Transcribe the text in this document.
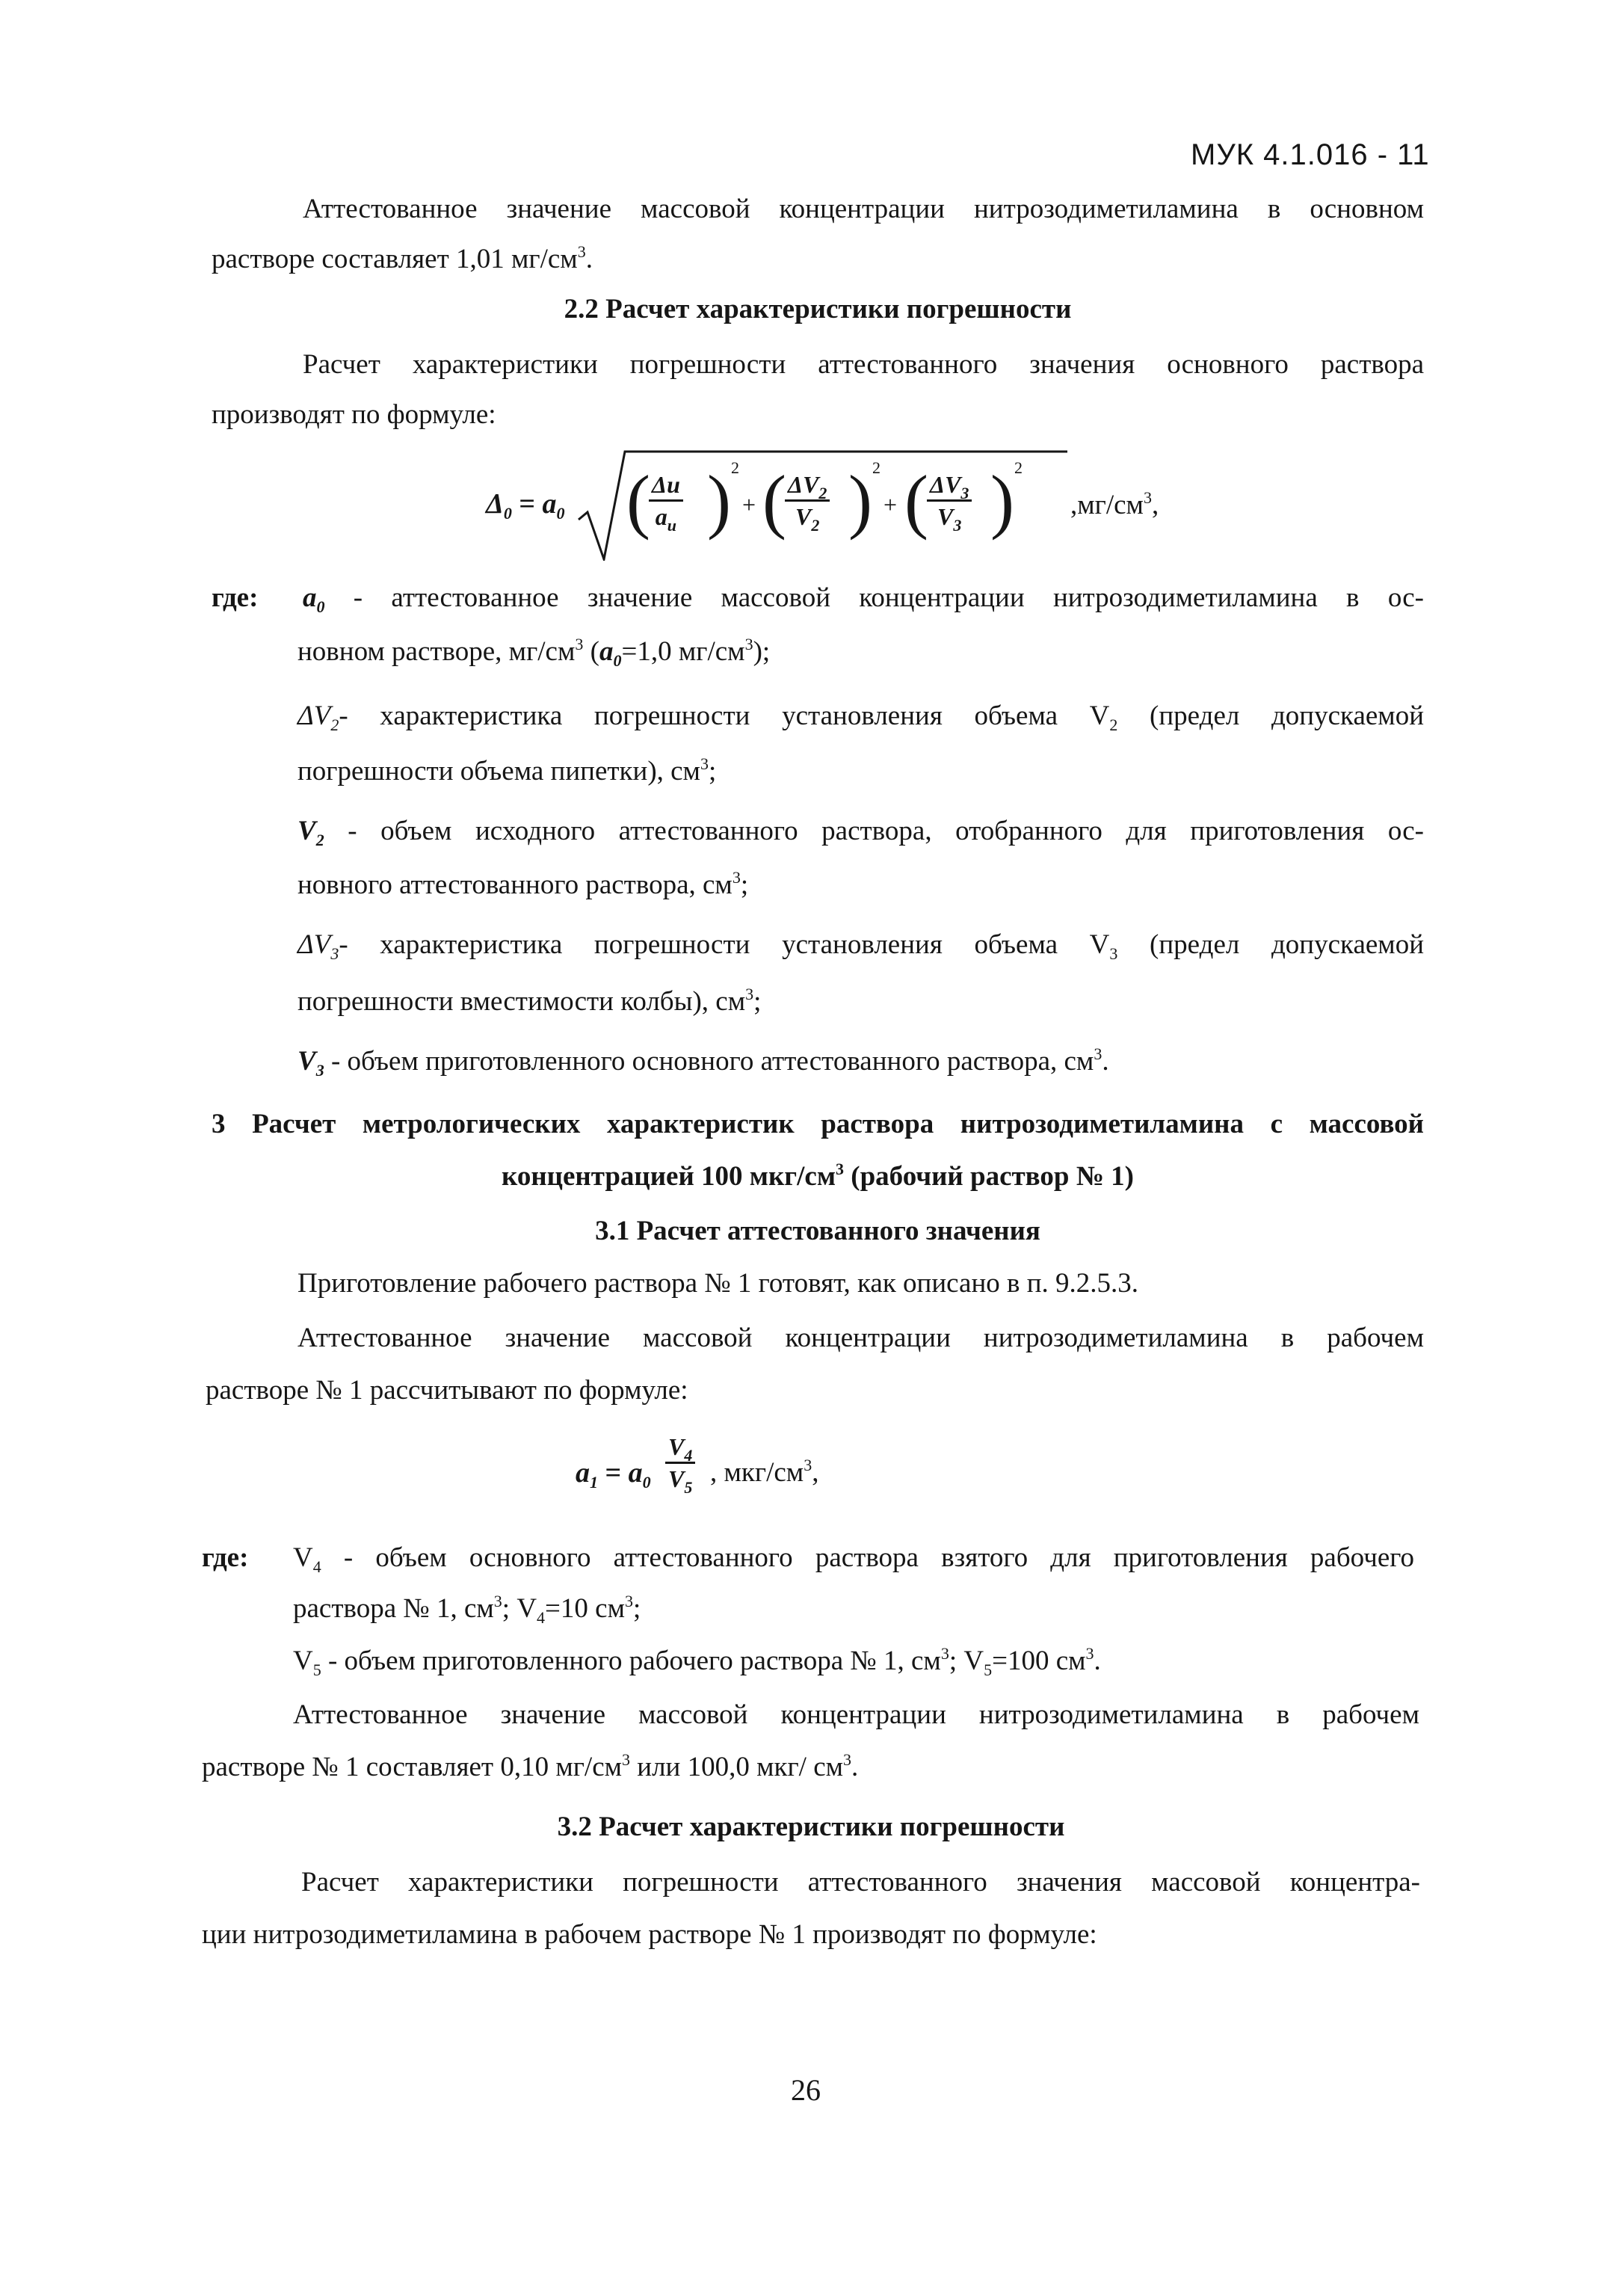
МУК 4.1.016 - 11
Аттестованное значение массовой концентрации нитрозодиметиламина в основном
растворе составляет 1,01 $мг/см^3$.
2.2 Расчет характеристики погрешности
Расчет характеристики погрешности аттестованного значения основного раствора
производят по формуле:
$\Delta_0 = a_0$ ( Δu
$a_u$ ) 2
+ ( $\Delta V_2$
$V_2$ ) 2
+ ( $\Delta V_3$
$V_3$ ) 2
$,мг/см^3$,
где: $a_0$ - аттестованное значение массовой концентрации нитрозодиметиламина в ос-
новном растворе, $мг/см^3$ ($a_0=1,0$ $мг/см^3$);
$\Delta V_2-$ характеристика погрешности установления объема $V_2$ (предел допускаемой
погрешности объема пипетки), $см^3$;
$V_2$ - объем исходного аттестованного раствора, отобранного для приготовления ос-
новного аттестованного раствора, $см^3$;
$\Delta V_3-$ характеристика погрешности установления объема $V_3$ (предел допускаемой
погрешности вместимости колбы), $см^3$;
$V_3$ - объем приготовленного основного аттестованного раствора, $см^3$.
3 Расчет метрологических характеристик раствора нитрозодиметиламина с массовой
концентрацией 100 мкг/$см^3$ (рабочий раствор № 1)
3.1 Расчет аттестованного значения
Приготовление рабочего раствора № 1 готовят, как описано в п. 9.2.5.3.
Аттестованное значение массовой концентрации нитрозодиметиламина в рабочем
растворе № 1 рассчитывают по формуле:
$a_1 = a_0$
$V_4$
$V_5$ , мкг/$см^3$,
где: $V_4$ - объем основного аттестованного раствора взятого для приготовления рабочего
раствора № 1, $см^3$; $V_4=10$ $см^3$;
$V_5$ - объем приготовленного рабочего раствора № 1, $см^3$; $V_5=100$ $см^3$.
Аттестованное значение массовой концентрации нитрозодиметиламина в рабочем
растворе № 1 составляет 0,10 $мг/см^3$ или 100,0 мкг/ $см^3$.
3.2 Расчет характеристики погрешности
Расчет характеристики погрешности аттестованного значения массовой концентра-
ции нитрозодиметиламина в рабочем растворе № 1 производят по формуле:
26
